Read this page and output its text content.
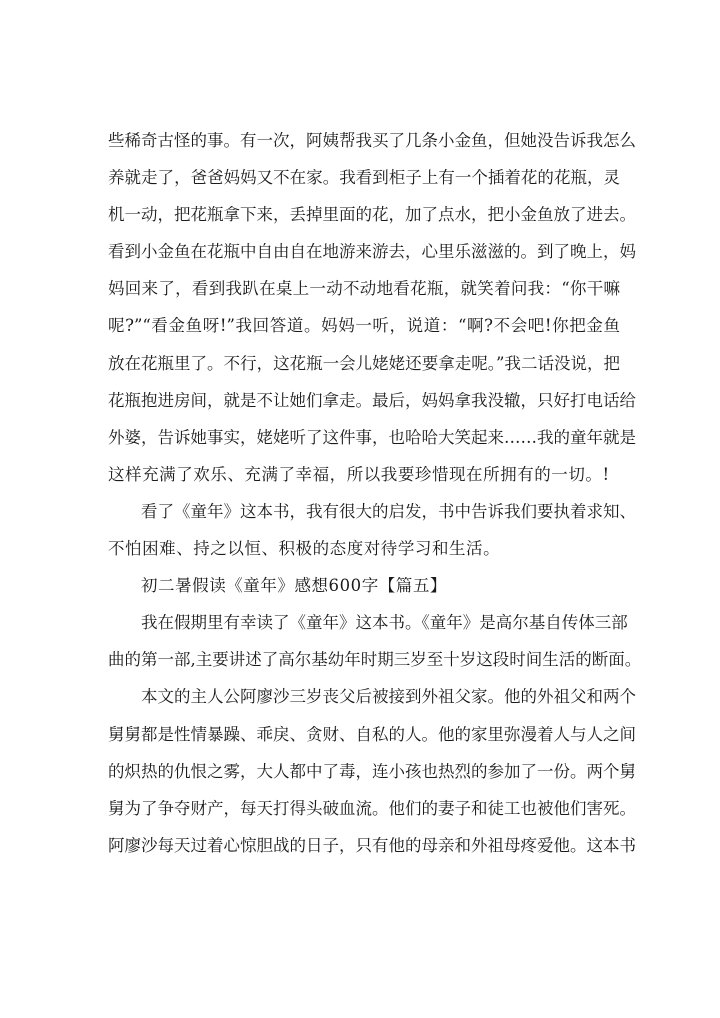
些稀奇古怪的事。有一次，阿姨帮我买了几条小金鱼，但她没告诉我怎么
养就走了，爸爸妈妈又不在家。我看到柜子上有一个插着花的花瓶，灵
机一动，把花瓶拿下来，丢掉里面的花，加了点水，把小金鱼放了进去。
看到小金鱼在花瓶中自由自在地游来游去，心里乐滋滋的。到了晚上，妈
妈回来了，看到我趴在桌上一动不动地看花瓶，就笑着问我：“你干嘛
呢?”“看金鱼呀!”我回答道。妈妈一听，说道：“啊?不会吧!你把金鱼
放在花瓶里了。不行，这花瓶一会儿姥姥还要拿走呢。”我二话没说，把
花瓶抱进房间，就是不让她们拿走。最后，妈妈拿我没辙，只好打电话给
外婆，告诉她事实，姥姥听了这件事，也哈哈大笑起来……我的童年就是
这样充满了欢乐、充满了幸福，所以我要珍惜现在所拥有的一切。!
看了《童年》这本书，我有很大的启发，书中告诉我们要执着求知、
不怕困难、持之以恒、积极的态度对待学习和生活。
初二暑假读《童年》感想600字【篇五】
我在假期里有幸读了《童年》这本书。《童年》是高尔基自传体三部
曲的第一部,主要讲述了高尔基幼年时期三岁至十岁这段时间生活的断面。
本文的主人公阿廖沙三岁丧父后被接到外祖父家。他的外祖父和两个
舅舅都是性情暴躁、乖戾、贪财、自私的人。他的家里弥漫着人与人之间
的炽热的仇恨之雾，大人都中了毒，连小孩也热烈的参加了一份。两个舅
舅为了争夺财产，每天打得头破血流。他们的妻子和徒工也被他们害死。
阿廖沙每天过着心惊胆战的日子，只有他的母亲和外祖母疼爱他。这本书
